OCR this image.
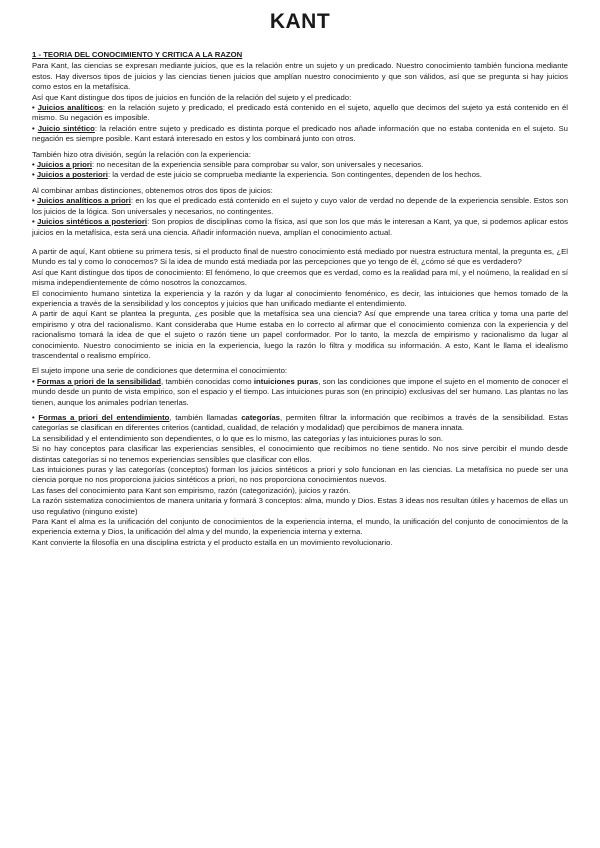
KANT
1 - TEORIA DEL CONOCIMIENTO Y CRITICA A LA RAZON

Para Kant, las ciencias se expresan mediante juicios, que es la relación entre un sujeto y un predicado. Nuestro conocimiento también funciona mediante estos. Hay diversos tipos de juicios y las ciencias tienen juicios que amplían nuestro conocimiento y que son válidos, así que se pregunta si hay juicios como estos en la metafísica.

Así que Kant distingue dos tipos de juicios en función de la relación del sujeto y el predicado:

• Juicios analíticos: en la relación sujeto y predicado, el predicado está contenido en el sujeto, aquello que decimos del sujeto ya está contenido en él mismo. Su negación es imposible.

• Juicio sintético: la relación entre sujeto y predicado es distinta porque el predicado nos añade información que no estaba contenida en el sujeto. Su negación es siempre posible. Kant estará interesado en estos y los combinará junto con otros.

También hizo otra división, según la relación con la experiencia:

• Juicios a priori: no necesitan de la experiencia sensible para comprobar su valor, son universales y necesarios.

• Juicios a posteriori: la verdad de este juicio se comprueba mediante la experiencia. Son contingentes, dependen de los hechos.

Al combinar ambas distinciones, obtenemos otros dos tipos de juicios:

• Juicios analíticos a priori: en los que el predicado está contenido en el sujeto y cuyo valor de verdad no depende de la experiencia sensible. Estos son los juicios de la lógica. Son universales y necesarios, no contingentes.

• Juicios sintéticos a posteriori: Son propios de disciplinas como la física, así que son los que más le interesan a Kant, ya que, si podemos aplicar estos juicios en la metafísica, esta será una ciencia. Añadir información nueva, amplían el conocimiento actual.

A partir de aquí, Kant obtiene su primera tesis, si el producto final de nuestro conocimiento está mediado por nuestra estructura mental, la pregunta es, ¿El Mundo es tal y como lo conocemos? Si la idea de mundo está mediada por las percepciones que yo tengo de él, ¿cómo sé que es verdadero?

Así que Kant distingue dos tipos de conocimiento: El fenómeno, lo que creemos que es verdad, como es la realidad para mí, y el noúmeno, la realidad en sí misma independientemente de cómo nosotros la conozcamos.

El conocimiento humano sintetiza la experiencia y la razón y da lugar al conocimiento fenoménico, es decir, las intuiciones que hemos tomado de la experiencia a través de la sensibilidad y los conceptos y juicios que han unificado mediante el entendimiento.

A partir de aquí Kant se plantea la pregunta, ¿es posible que la metafísica sea una ciencia? Así que emprende una tarea crítica y toma una parte del empirismo y otra del racionalismo. Kant consideraba que Hume estaba en lo correcto al afirmar que el conocimiento comienza con la experiencia y del racionalismo tomará la idea de que el sujeto o razón tiene un papel conformador. Por lo tanto, la mezcla de empirismo y racionalismo da lugar al conocimiento. Nuestro conocimiento se inicia en la experiencia, luego la razón lo filtra y modifica su información. A esto, Kant le llama el idealismo trascendental o realismo empírico.

El sujeto impone una serie de condiciones que determina el conocimiento:

• Formas a priori de la sensibilidad, también conocidas como intuiciones puras, son las condiciones que impone el sujeto en el momento de conocer el mundo desde un punto de vista empírico, son el espacio y el tiempo. Las intuiciones puras son (en principio) exclusivas del ser humano. Las plantas no las tienen, aunque los animales podrían tenerlas.

• Formas a priori del entendimiento, también llamadas categorías, permiten filtrar la información que recibimos a través de la sensibilidad. Estas categorías se clasifican en diferentes criterios (cantidad, cualidad, de relación y modalidad) que percibimos de manera innata.

La sensibilidad y el entendimiento son dependientes, o lo que es lo mismo, las categorías y las intuiciones puras lo son.

Si no hay conceptos para clasificar las experiencias sensibles, el conocimiento que recibimos no tiene sentido. No nos sirve percibir el mundo desde distintas categorías si no tenemos experiencias sensibles que clasificar con ellos.

Las intuiciones puras y las categorías (conceptos) forman los juicios sintéticos a priori y solo funcionan en las ciencias. La metafísica no puede ser una ciencia porque no nos proporciona juicios sintéticos a priori, no nos proporciona conocimientos nuevos.

Las fases del conocimiento para Kant son empirismo, razón (categorización), juicios y razón.

La razón sistematiza conocimientos de manera unitaria y formará 3 conceptos: alma, mundo y Dios. Estas 3 ideas nos resultan útiles y hacemos de ellas un uso regulativo (ninguno existe)

Para Kant el alma es la unificación del conjunto de conocimientos de la experiencia interna, el mundo, la unificación del conjunto de conocimientos de la experiencia externa y Dios, la unificación del alma y del mundo, la experiencia interna y externa.

Kant convierte la filosofía en una disciplina estricta y el producto estalla en un movimiento revolucionario.
